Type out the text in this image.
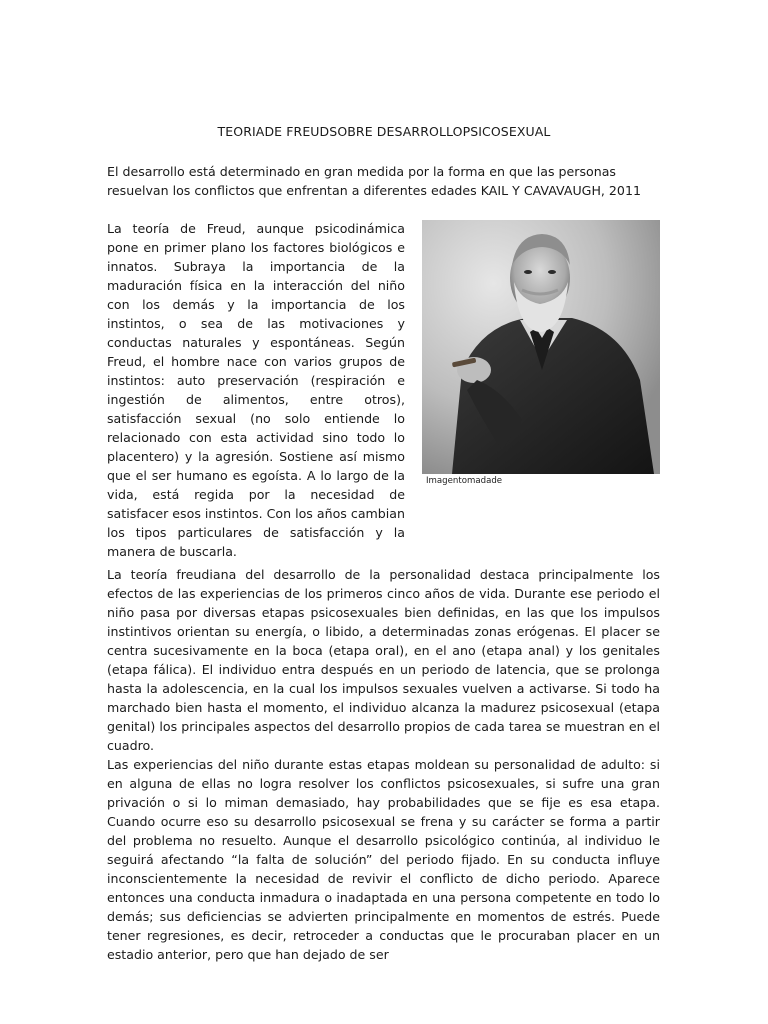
TEORIADE FREUDSOBRE DESARROLLOPSICOSEXUAL

El desarrollo está determinado en gran medida por la forma en que las personas resuelvan los conflictos que enfrentan a diferentes edades KAIL Y CAVAVAUGH, 2011

La teoría de Freud, aunque psicodinámica pone en primer plano los factores biológicos e innatos. Subraya la importancia de la maduración física en la interacción del niño con los demás y la importancia de los instintos, o sea de las motivaciones y conductas naturales y espontáneas. Según Freud, el hombre nace con varios grupos de instintos: auto preservación (respiración e ingestión de alimentos, entre otros), satisfacción sexual (no solo entiende lo relacionado con esta actividad sino todo lo placentero) y la agresión. Sostiene así mismo que el ser humano es egoísta. A lo largo de la vida, está regida por la necesidad de satisfacer esos instintos. Con los años cambian los tipos particulares de satisfacción y la manera de buscarla.

Imagentomadade

La teoría freudiana del desarrollo de la personalidad destaca principalmente los efectos de las experiencias de los primeros cinco años de vida. Durante ese periodo el niño pasa por diversas etapas psicosexuales bien definidas, en las que los impulsos instintivos orientan su energía, o libido, a determinadas zonas erógenas. El placer se centra sucesivamente en la boca (etapa oral), en el ano (etapa anal) y los genitales (etapa fálica). El individuo entra después en un periodo de latencia, que se prolonga hasta la adolescencia, en la cual los impulsos sexuales vuelven a activarse. Si todo ha marchado bien hasta el momento, el individuo alcanza la madurez psicosexual (etapa genital) los principales aspectos del desarrollo propios de cada tarea se muestran en el cuadro.

Las experiencias del niño durante estas etapas moldean su personalidad de adulto: si en alguna de ellas no logra resolver los conflictos psicosexuales, si sufre una gran privación o si lo miman demasiado, hay probabilidades que se fije es esa etapa. Cuando ocurre eso su desarrollo psicosexual se frena y su carácter se forma a partir del problema no resuelto. Aunque el desarrollo psicológico continúa, al individuo le seguirá afectando “la falta de solución” del periodo fijado. En su conducta influye inconscientemente la necesidad de revivir el conflicto de dicho periodo. Aparece entonces una conducta inmadura o inadaptada en una persona competente en todo lo demás; sus deficiencias se advierten principalmente en momentos de estrés. Puede tener regresiones, es decir, retroceder a conductas que le procuraban placer en un estadio anterior, pero que han dejado de ser
